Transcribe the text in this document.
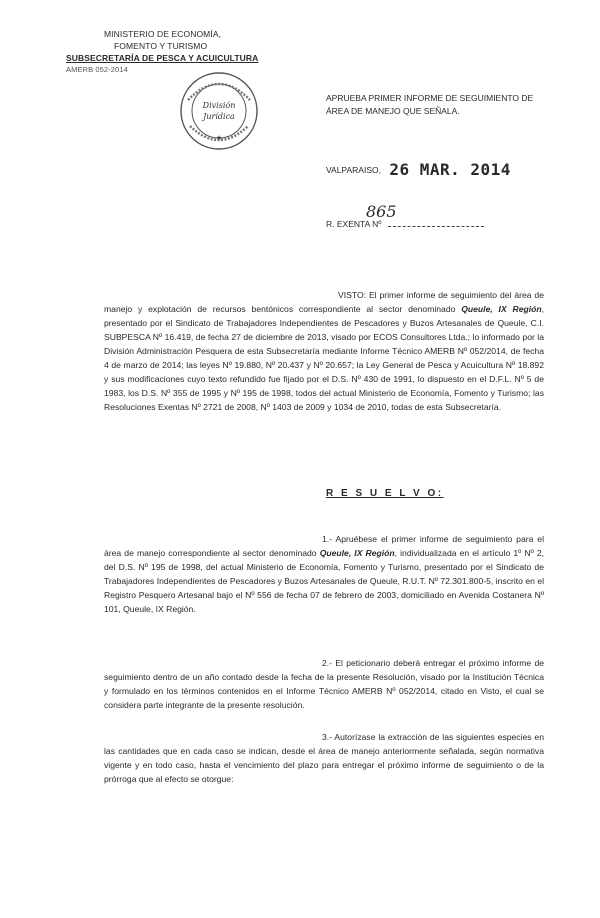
MINISTERIO DE ECONOMÍA,
FOMENTO Y TURISMO
SUBSECRETARÍA DE PESCA Y ACUICULTURA
AMERB 052-2014
División
Jurídica
★
APRUEBA PRIMER INFORME DE SEGUIMIENTO DE ÁREA DE MANEJO QUE SEÑALA.
VALPARAISO, 26 MAR. 2014
R. EXENTA Nº
865
VISTO: El primer informe de seguimiento del área de manejo y explotación de recursos bentónicos correspondiente al sector denominado Queule, IX Región, presentado por el Sindicato de Trabajadores Independientes de Pescadores y Buzos Artesanales de Queule, C.I. SUBPESCA Nº 16.419, de fecha 27 de diciembre de 2013, visado por ECOS Consultores Ltda.; lo informado por la División Administración Pesquera de esta Subsecretaría mediante Informe Técnico AMERB Nº 052/2014, de fecha 4 de marzo de 2014; las leyes Nº 19.880, Nº 20.437 y Nº 20.657; la Ley General de Pesca y Acuicultura Nº 18.892 y sus modificaciones cuyo texto refundido fue fijado por el D.S. Nº 430 de 1991, lo dispuesto en el D.F.L. Nº 5 de 1983, los D.S. Nº 355 de 1995 y Nº 195 de 1998, todos del actual Ministerio de Economía, Fomento y Turismo; las Resoluciones Exentas Nº 2721 de 2008, Nº 1403 de 2009 y 1034 de 2010, todas de esta Subsecretaría.
R E S U E L V O:
1.- Apruébese el primer informe de seguimiento para el área de manejo correspondiente al sector denominado Queule, IX Región, individualizada en el artículo 1º Nº 2, del D.S. Nº 195 de 1998, del actual Ministerio de Economía, Fomento y Turismo, presentado por el Sindicato de Trabajadores Independientes de Pescadores y Buzos Artesanales de Queule, R.U.T. Nº 72.301.800-5, inscrito en el Registro Pesquero Artesanal bajo el Nº 556 de fecha 07 de febrero de 2003, domiciliado en Avenida Costanera Nº 101, Queule, IX Región.
2.- El peticionario deberá entregar el próximo informe de seguimiento dentro de un año contado desde la fecha de la presente Resolución, visado por la Institución Técnica y formulado en los términos contenidos en el Informe Técnico AMERB Nº 052/2014, citado en Visto, el cual se considera parte integrante de la presente resolución.
3.- Autorízase la extracción de las siguientes especies en las cantidades que en cada caso se indican, desde el área de manejo anteriormente señalada, según normativa vigente y en todo caso, hasta el vencimiento del plazo para entregar el próximo informe de seguimiento o de la prórroga que al efecto se otorgue:
